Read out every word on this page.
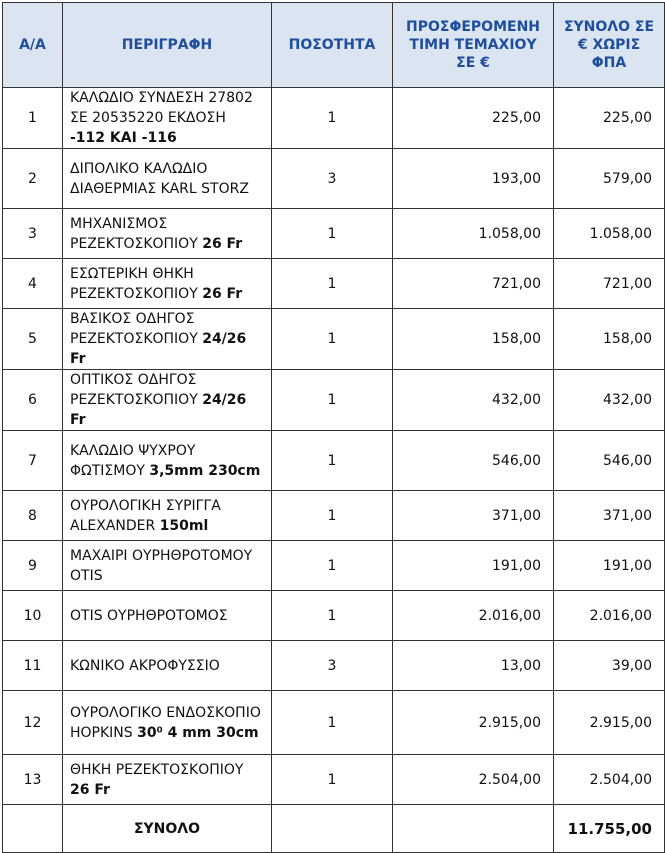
Α/Α	ΠΕΡΙΓΡΑΦΗ	ΠΟΣΟΤΗΤΑ	ΠΡΟΣΦΕΡΟΜΕΝΗ ΤΙΜΗ ΤΕΜΑΧΙΟΥ ΣΕ €	ΣΥΝΟΛΟ ΣΕ € ΧΩΡΙΣ ΦΠΑ
1	ΚΑΛΩΔΙΟ ΣΥΝΔΕΣΗ 27802 ΣΕ 20535220 ΕΚΔΟΣΗ -112 ΚΑΙ -116	1	225,00	225,00
2	ΔΙΠΟΛΙΚΟ ΚΑΛΩΔΙΟ ΔΙΑΘΕΡΜΙΑΣ KARL STORZ	3	193,00	579,00
3	ΜΗΧΑΝΙΣΜΟΣ ΡΕΖΕΚΤΟΣΚΟΠΙΟΥ 26 Fr	1	1.058,00	1.058,00
4	ΕΣΩΤΕΡΙΚΗ ΘΗΚΗ ΡΕΖΕΚΤΟΣΚΟΠΙΟΥ 26 Fr	1	721,00	721,00
5	ΒΑΣΙΚΟΣ ΟΔΗΓΟΣ ΡΕΖΕΚΤΟΣΚΟΠΙΟΥ 24/26 Fr	1	158,00	158,00
6	ΟΠΤΙΚΟΣ ΟΔΗΓΟΣ ΡΕΖΕΚΤΟΣΚΟΠΙΟΥ 24/26 Fr	1	432,00	432,00
7	ΚΑΛΩΔΙΟ ΨΥΧΡΟΥ ΦΩΤΙΣΜΟΥ 3,5mm 230cm	1	546,00	546,00
8	ΟΥΡΟΛΟΓΙΚΗ ΣΥΡΙΓΓΑ ALEXANDER 150ml	1	371,00	371,00
9	ΜΑΧΑΙΡΙ ΟΥΡΗΘΡΟΤΟΜΟΥ OTIS	1	191,00	191,00
10	OTIS ΟΥΡΗΘΡΟΤΟΜΟΣ	1	2.016,00	2.016,00
11	ΚΩΝΙΚΟ ΑΚΡΟΦΥΣΣΙΟ	3	13,00	39,00
12	ΟΥΡΟΛΟΓΙΚΟ ΕΝΔΟΣΚΟΠΙΟ HOPKINS 30⁰ 4 mm 30cm	1	2.915,00	2.915,00
13	ΘΗΚΗ ΡΕΖΕΚΤΟΣΚΟΠΙΟΥ 26 Fr	1	2.504,00	2.504,00
	ΣΥΝΟΛΟ			11.755,00
